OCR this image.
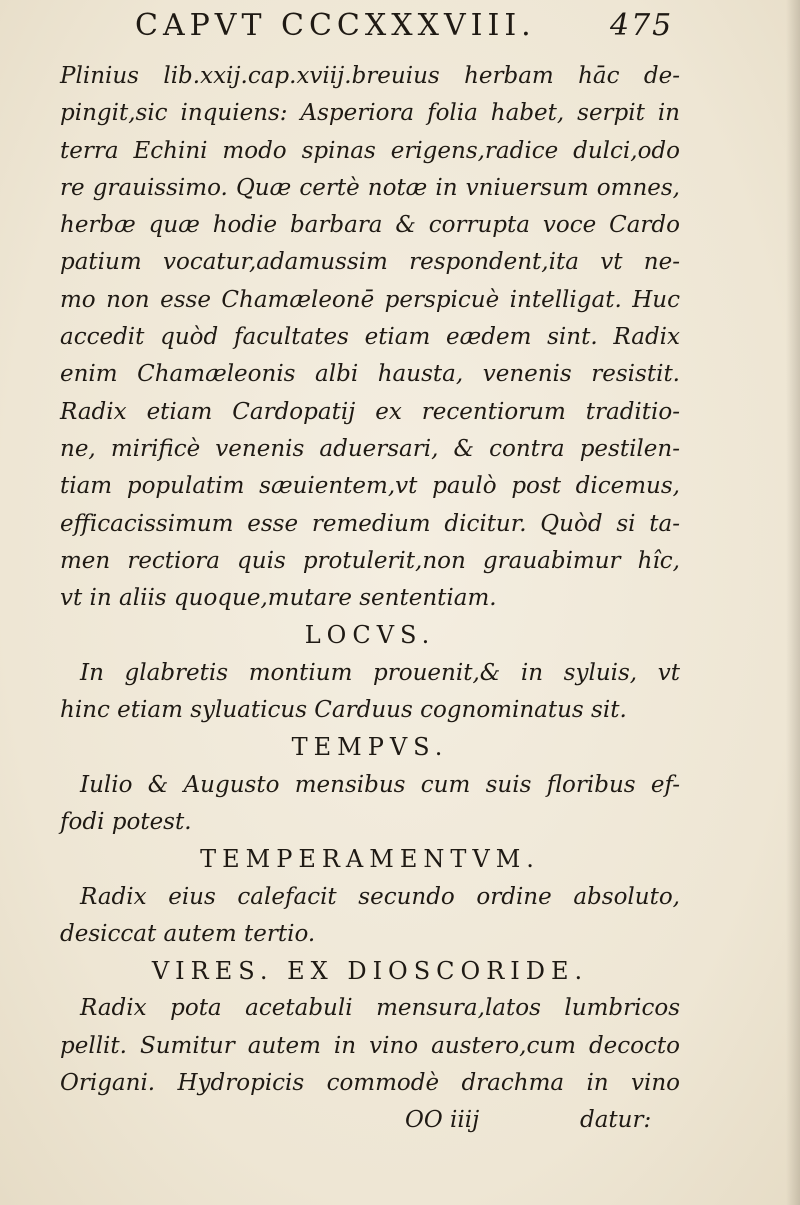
CAPVT CCCXXXVIII. 475
Plinius lib.xxij.cap.xviij.breuius herbam hāc de-
pingit,sic inquiens: Asperiora folia habet, serpit in
terra Echini modo spinas erigens,radice dulci,odo
re grauissimo. Quæ certè notæ in vniuersum omnes,
herbæ quæ hodie barbara & corrupta voce Cardo
patium vocatur,adamussim respondent,ita vt ne-
mo non esse Chamæleonē perspicuè intelligat. Huc
accedit quòd facultates etiam eædem sint. Radix
enim Chamæleonis albi hausta, venenis resistit.
Radix etiam Cardopatij ex recentiorum traditio-
ne, mirificè venenis aduersari, & contra pestilen-
tiam populatim sæuientem,vt paulò post dicemus,
efficacissimum esse remedium dicitur. Quòd si ta-
men rectiora quis protulerit,non grauabimur hîc,
vt in aliis quoque,mutare sententiam.
LOCVS.
In glabretis montium prouenit,& in syluis, vt
hinc etiam syluaticus Carduus cognominatus sit.
TEMPVS.
Iulio & Augusto mensibus cum suis floribus ef-
fodi potest.
TEMPERAMENTVM.
Radix eius calefacit secundo ordine absoluto,
desiccat autem tertio.
VIRES. EX DIOSCORIDE.
Radix pota acetabuli mensura,latos lumbricos
pellit. Sumitur autem in vino austero,cum decocto
Origani. Hydropicis commodè drachma in vino
OO iiij	datur:
